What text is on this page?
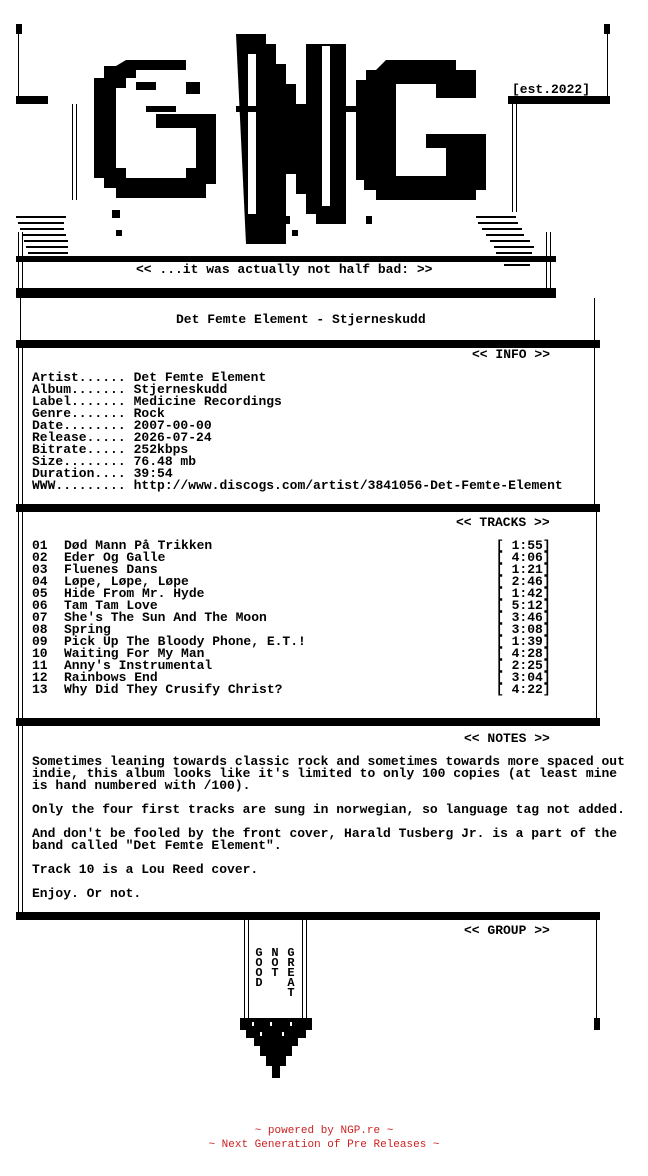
[est.2022]
<< ...it was actually not half bad: >>
Det Femte Element - Stjerneskudd
<< INFO >>
Artist......	Det Femte Element
Album.......	Stjerneskudd
Label.......	Medicine Recordings
Genre.......	Rock
Date........	2007-00-00
Release.....	2026-07-24
Bitrate.....	252kbps
Size........	76.48 mb
Duration....	39:54
WWW.........	http://www.discogs.com/artist/3841056-Det-Femte-Element
<< TRACKS >>
01	Død Mann På Trikken	[ 1:55]
02	Eder Og Galle	[ 4:06]
03	Fluenes Dans	[ 1:21]
04	Løpe, Løpe, Løpe	[ 2:46]
05	Hide From Mr. Hyde	[ 1:42]
06	Tam Tam Love	[ 5:12]
07	She's The Sun And The Moon	[ 3:46]
08	Spring	[ 3:08]
09	Pick Up The Bloody Phone, E.T.!	[ 1:39]
10	Waiting For My Man	[ 4:28]
11	Anny's Instrumental	[ 2:25]
12	Rainbows End	[ 3:04]
13	Why Did They Crusify Christ?	[ 4:22]
<< NOTES >>

Sometimes leaning towards classic rock and sometimes towards more spaced out indie, this album looks like it's limited to only 100 copies (at least mine is hand numbered with /100).

Only the four first tracks are sung in norwegian, so language tag not added.

And don't be fooled by the front cover, Harald Tusberg Jr. is a part of the band called "Det Femte Element".

Track 10 is a Lou Reed cover.

Enjoy. Or not.

<< GROUP >>
G
O
O
D
N
O
T
G
R
E
A
T
~ powered by NGP.re ~
~ Next Generation of Pre Releases ~
